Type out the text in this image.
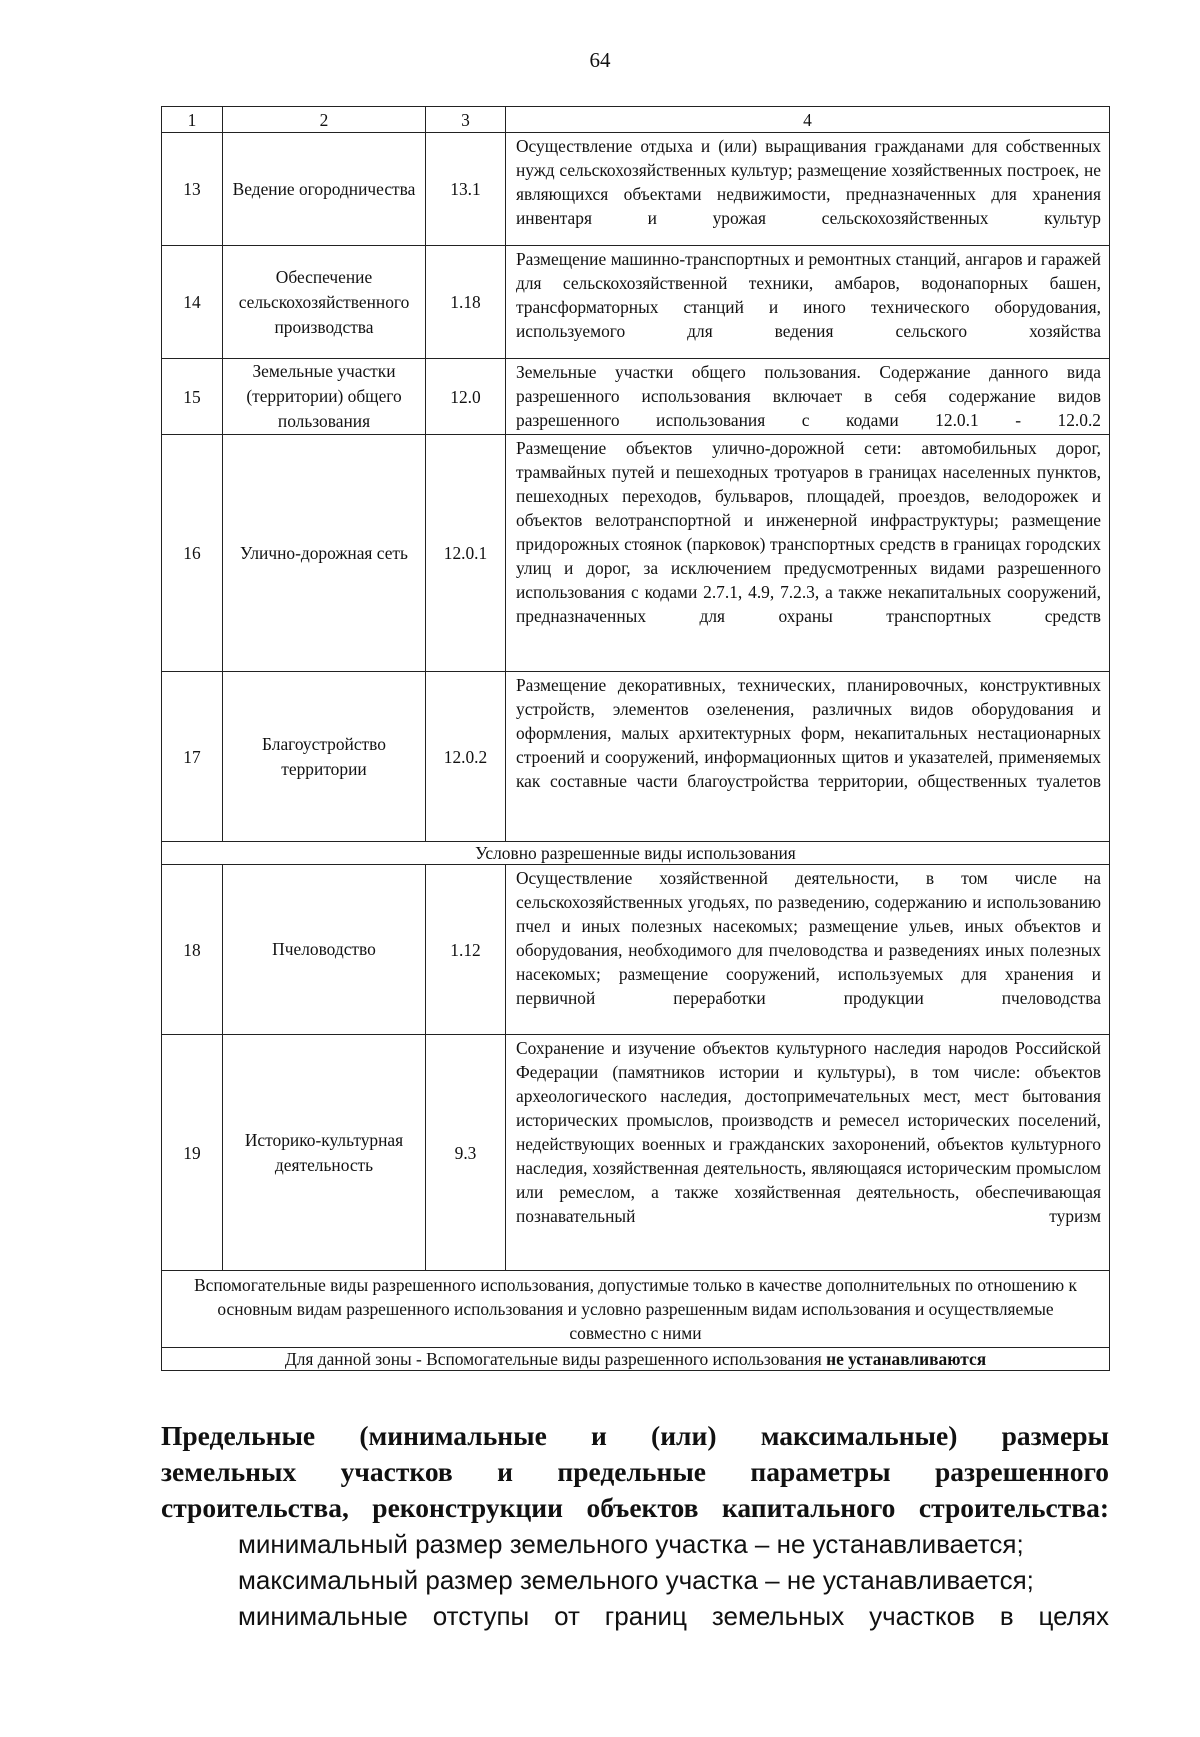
64
1	2	3	4
13	Ведение огородничества	13.1	Осуществление отдыха и (или) выращивания гражданами для собственных нужд сельскохозяйственных культур; размещение хозяйственных построек, не являющихся объектами недвижимости, предназначенных для хранения инвентаря и урожая сельскохозяйственных культур
14	Обеспечение сельскохозяйственного производства	1.18	Размещение машинно-транспортных и ремонтных станций, ангаров и гаражей для сельскохозяйственной техники, амбаров, водонапорных башен, трансформаторных станций и иного технического оборудования, используемого для ведения сельского хозяйства
15	Земельные участки (территории) общего пользования	12.0	Земельные участки общего пользования. Содержание данного вида разрешенного использования включает в себя содержание видов разрешенного использования с кодами 12.0.1 - 12.0.2
16	Улично-дорожная сеть	12.0.1	Размещение объектов улично-дорожной сети: автомобильных дорог, трамвайных путей и пешеходных тротуаров в границах населенных пунктов, пешеходных переходов, бульваров, площадей, проездов, велодорожек и объектов велотранспортной и инженерной инфраструктуры; размещение придорожных стоянок (парковок) транспортных средств в границах городских улиц и дорог, за исключением предусмотренных видами разрешенного использования с кодами 2.7.1, 4.9, 7.2.3, а также некапитальных сооружений, предназначенных для охраны транспортных средств
17	Благоустройство территории	12.0.2	Размещение декоративных, технических, планировочных, конструктивных устройств, элементов озеленения, различных видов оборудования и оформления, малых архитектурных форм, некапитальных нестационарных строений и сооружений, информационных щитов и указателей, применяемых как составные части благоустройства территории, общественных туалетов
Условно разрешенные виды использования			
18	Пчеловодство	1.12	Осуществление хозяйственной деятельности, в том числе на сельскохозяйственных угодьях, по разведению, содержанию и использованию пчел и иных полезных насекомых; размещение ульев, иных объектов и оборудования, необходимого для пчеловодства и разведениях иных полезных насекомых; размещение сооружений, используемых для хранения и первичной переработки продукции пчеловодства
19	Историко-культурная деятельность	9.3	Сохранение и изучение объектов культурного наследия народов Российской Федерации (памятников истории и культуры), в том числе: объектов археологического наследия, достопримечательных мест, мест бытования исторических промыслов, производств и ремесел исторических поселений, недействующих военных и гражданских захоронений, объектов культурного наследия, хозяйственная деятельность, являющаяся историческим промыслом или ремеслом, а также хозяйственная деятельность, обеспечивающая познавательный туризм
Вспомогательные виды разрешенного использования, допустимые только в качестве дополнительных по отношению к основным видам разрешенного использования и условно разрешенным видам использования и осуществляемые совместно с ними			
Для данной зоны - Вспомогательные виды разрешенного использования не устанавливаются			
Предельные (минимальные и (или) максимальные) размеры
земельных участков и предельные параметры разрешенного
строительства, реконструкции объектов капитального строительства:
минимальный размер земельного участка – не устанавливается;
максимальный размер земельного участка – не устанавливается;
минимальные отступы от границ земельных участков в целях
